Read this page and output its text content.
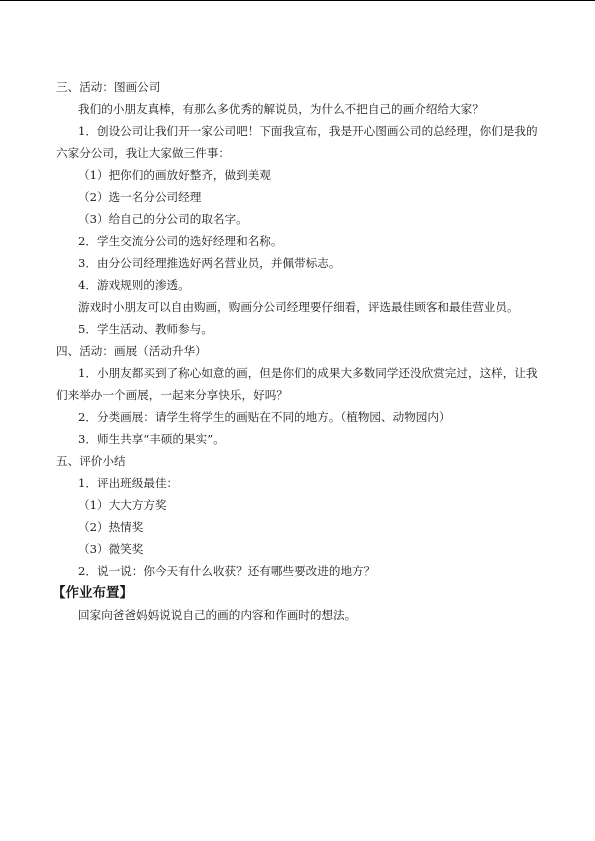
三、活动：图画公司
我们的小朋友真棒，有那么多优秀的解说员，为什么不把自己的画介绍给大家？
1．创设公司让我们开一家公司吧！下面我宣布，我是开心图画公司的总经理，你们是我的六家分公司，我让大家做三件事：
（1）把你们的画放好整齐，做到美观
（2）选一名分公司经理
（3）给自己的分公司的取名字。
2．学生交流分公司的选好经理和名称。
3．由分公司经理推选好两名营业员，并佩带标志。
4．游戏规则的渗透。
游戏时小朋友可以自由购画，购画分公司经理要仔细看，评选最佳顾客和最佳营业员。
5．学生活动、教师参与。
四、活动：画展（活动升华）
1．小朋友都买到了称心如意的画，但是你们的成果大多数同学还没欣赏完过，这样，让我们来举办一个画展，一起来分享快乐，好吗？
2．分类画展：请学生将学生的画贴在不同的地方。（植物园、动物园内）
3．师生共享“丰硕的果实”。
五、评价小结
1．评出班级最佳：
（1）大大方方奖
（2）热情奖
（3）微笑奖
2．说一说：你今天有什么收获？还有哪些要改进的地方？
【作业布置】
回家向爸爸妈妈说说自己的画的内容和作画时的想法。
